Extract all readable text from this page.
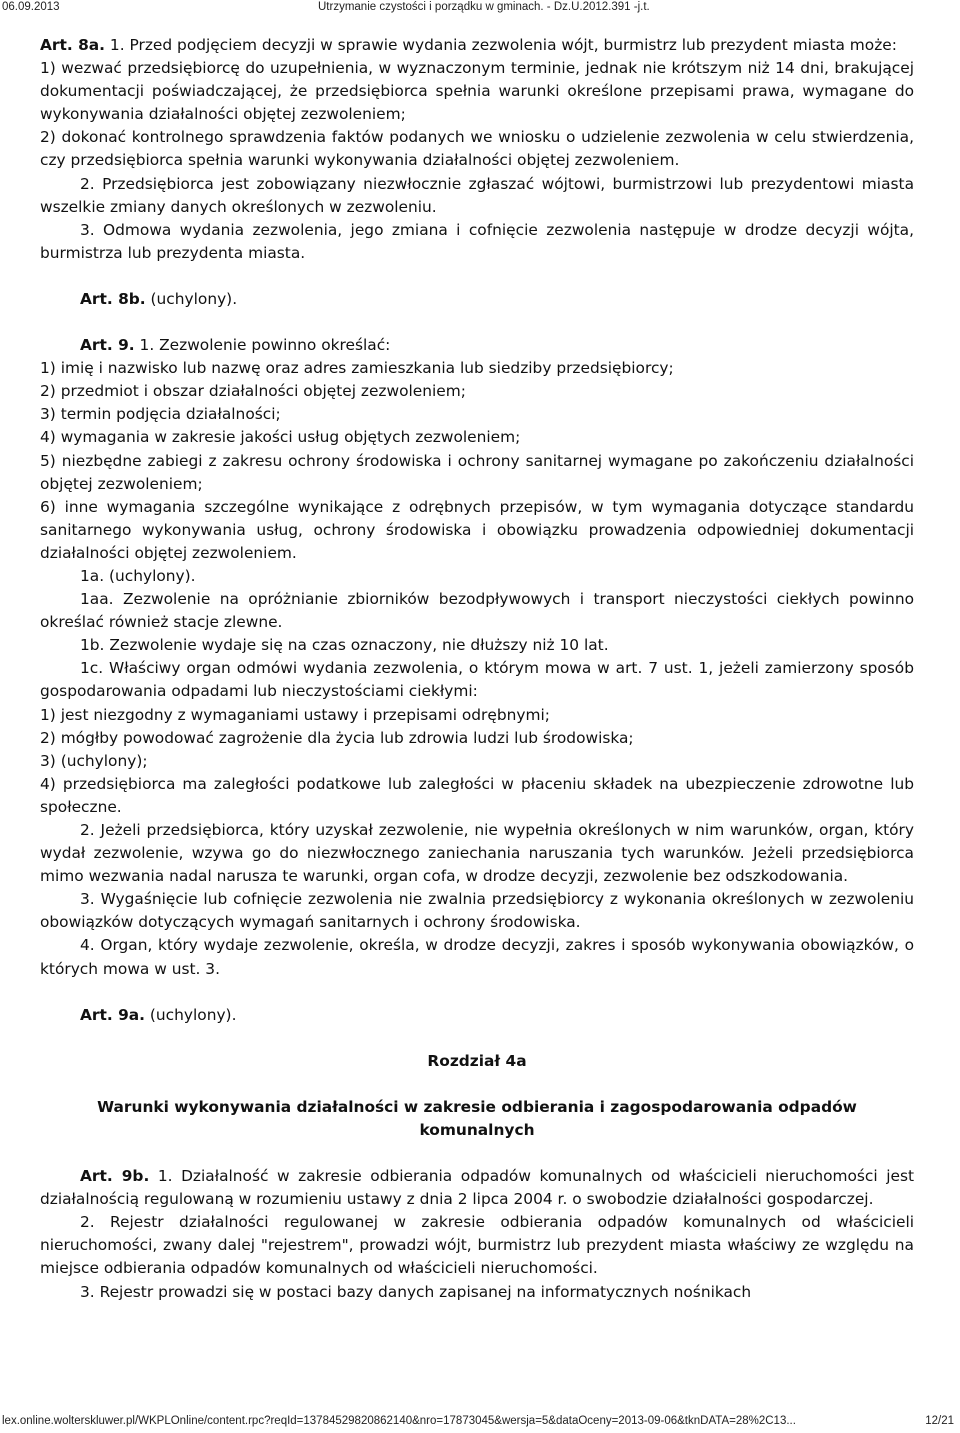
06.09.2013	Utrzymanie czystości i porządku w gminach. - Dz.U.2012.391 -j.t.

Art. 8a. 1. Przed podjęciem decyzji w sprawie wydania zezwolenia wójt, burmistrz lub prezydent miasta może:

1) wezwać przedsiębiorcę do uzupełnienia, w wyznaczonym terminie, jednak nie krótszym niż 14 dni, brakującej dokumentacji poświadczającej, że przedsiębiorca spełnia warunki określone przepisami prawa, wymagane do wykonywania działalności objętej zezwoleniem;

2) dokonać kontrolnego sprawdzenia faktów podanych we wniosku o udzielenie zezwolenia w celu stwierdzenia, czy przedsiębiorca spełnia warunki wykonywania działalności objętej zezwoleniem.

2. Przedsiębiorca jest zobowiązany niezwłocznie zgłaszać wójtowi, burmistrzowi lub prezydentowi miasta wszelkie zmiany danych określonych w zezwoleniu.

3. Odmowa wydania zezwolenia, jego zmiana i cofnięcie zezwolenia następuje w drodze decyzji wójta, burmistrza lub prezydenta miasta.

Art. 8b. (uchylony).

Art. 9. 1. Zezwolenie powinno określać:

1) imię i nazwisko lub nazwę oraz adres zamieszkania lub siedziby przedsiębiorcy;

2) przedmiot i obszar działalności objętej zezwoleniem;

3) termin podjęcia działalności;

4) wymagania w zakresie jakości usług objętych zezwoleniem;

5) niezbędne zabiegi z zakresu ochrony środowiska i ochrony sanitarnej wymagane po zakończeniu działalności objętej zezwoleniem;

6) inne wymagania szczególne wynikające z odrębnych przepisów, w tym wymagania dotyczące standardu sanitarnego wykonywania usług, ochrony środowiska i obowiązku prowadzenia odpowiedniej dokumentacji działalności objętej zezwoleniem.

1a. (uchylony).

1aa. Zezwolenie na opróżnianie zbiorników bezodpływowych i transport nieczystości ciekłych powinno określać również stacje zlewne.

1b. Zezwolenie wydaje się na czas oznaczony, nie dłuższy niż 10 lat.

1c. Właściwy organ odmówi wydania zezwolenia, o którym mowa w art. 7 ust. 1, jeżeli zamierzony sposób gospodarowania odpadami lub nieczystościami ciekłymi:

1) jest niezgodny z wymaganiami ustawy i przepisami odrębnymi;

2) mógłby powodować zagrożenie dla życia lub zdrowia ludzi lub środowiska;

3) (uchylony);

4) przedsiębiorca ma zaległości podatkowe lub zaległości w płaceniu składek na ubezpieczenie zdrowotne lub społeczne.

2. Jeżeli przedsiębiorca, który uzyskał zezwolenie, nie wypełnia określonych w nim warunków, organ, który wydał zezwolenie, wzywa go do niezwłocznego zaniechania naruszania tych warunków. Jeżeli przedsiębiorca mimo wezwania nadal narusza te warunki, organ cofa, w drodze decyzji, zezwolenie bez odszkodowania.

3. Wygaśnięcie lub cofnięcie zezwolenia nie zwalnia przedsiębiorcy z wykonania określonych w zezwoleniu obowiązków dotyczących wymagań sanitarnych i ochrony środowiska.

4. Organ, który wydaje zezwolenie, określa, w drodze decyzji, zakres i sposób wykonywania obowiązków, o których mowa w ust. 3.

Art. 9a. (uchylony).

Rozdział 4a

Warunki wykonywania działalności w zakresie odbierania i zagospodarowania odpadów komunalnych

Art. 9b. 1. Działalność w zakresie odbierania odpadów komunalnych od właścicieli nieruchomości jest działalnością regulowaną w rozumieniu ustawy z dnia 2 lipca 2004 r. o swobodzie działalności gospodarczej.

2. Rejestr działalności regulowanej w zakresie odbierania odpadów komunalnych od właścicieli nieruchomości, zwany dalej "rejestrem", prowadzi wójt, burmistrz lub prezydent miasta właściwy ze względu na miejsce odbierania odpadów komunalnych od właścicieli nieruchomości.

3. Rejestr prowadzi się w postaci bazy danych zapisanej na informatycznych nośnikach

lex.online.wolterskluwer.pl/WKPLOnline/content.rpc?reqId=1378452982086214​0&nro=17873045&wersja=5&dataOceny=2013-09-06&tknDATA=28%2C13...	12/21
